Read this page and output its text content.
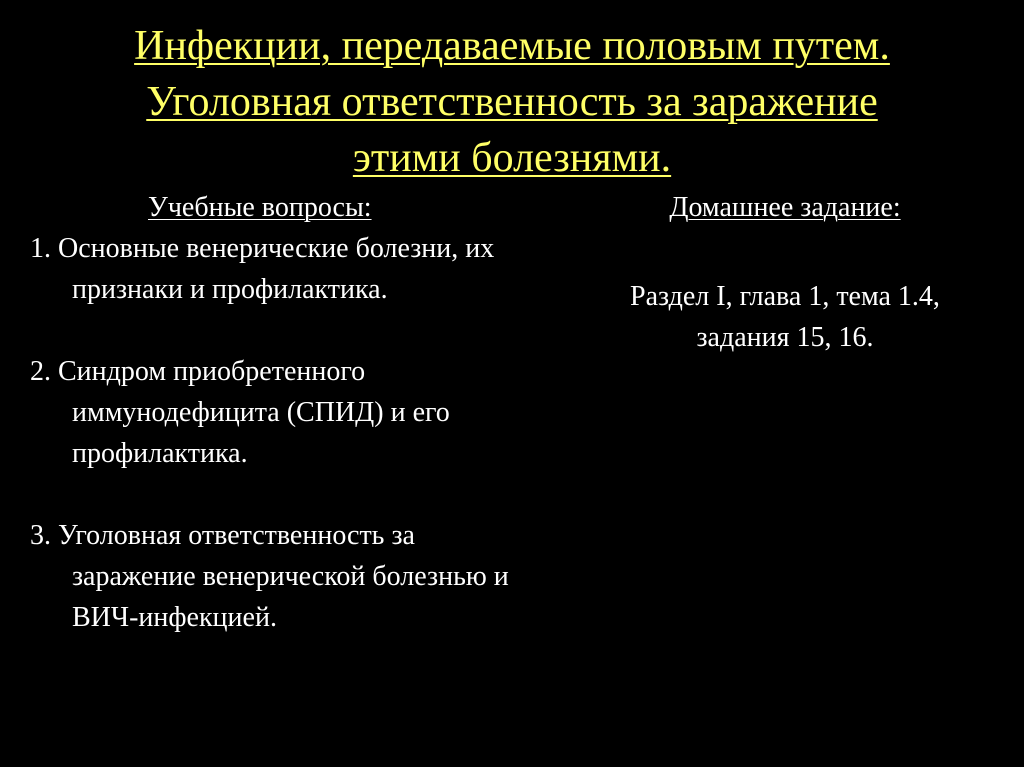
Инфекции, передаваемые половым путем.
Уголовная ответственность за заражение
этими болезнями.
Учебные вопросы:
1. Основные венерические болезни, их признаки и профилактика.
2. Синдром приобретенного иммунодефицита (СПИД) и его профилактика.
3. Уголовная ответственность за заражение венерической болезнью и ВИЧ-инфекцией.
Домашнее задание:
Раздел I, глава 1, тема 1.4,
задания 15, 16.
